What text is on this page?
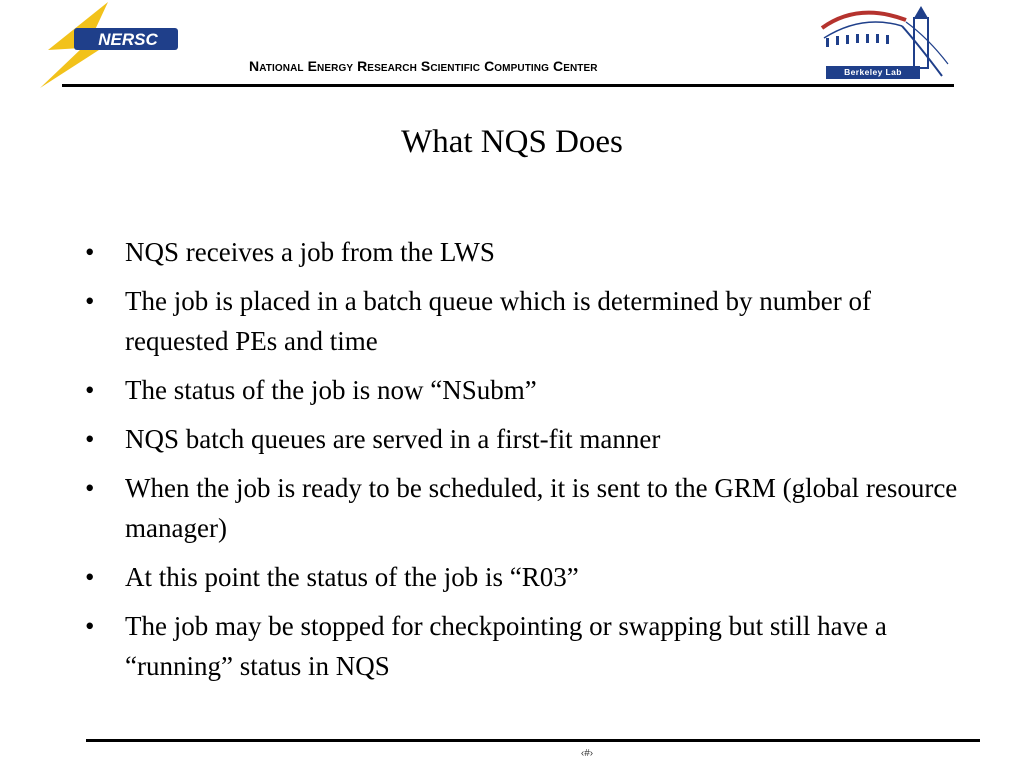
NERSC
National Energy Research Scientific Computing Center	Berkeley Lab
What NQS Does
•	NQS receives a job from the LWS
•	The job is placed in a batch queue which is determined by number of requested PEs and time
•	The status of the job is now “NSubm”
•	NQS batch queues are served in a first-fit manner
•	When the job is ready to be scheduled, it is sent to the GRM (global resource manager)
•	At this point the status of the job is “R03”
•	The job may be stopped for checkpointing or swapping but still have a “running” status in NQS
‹#›
